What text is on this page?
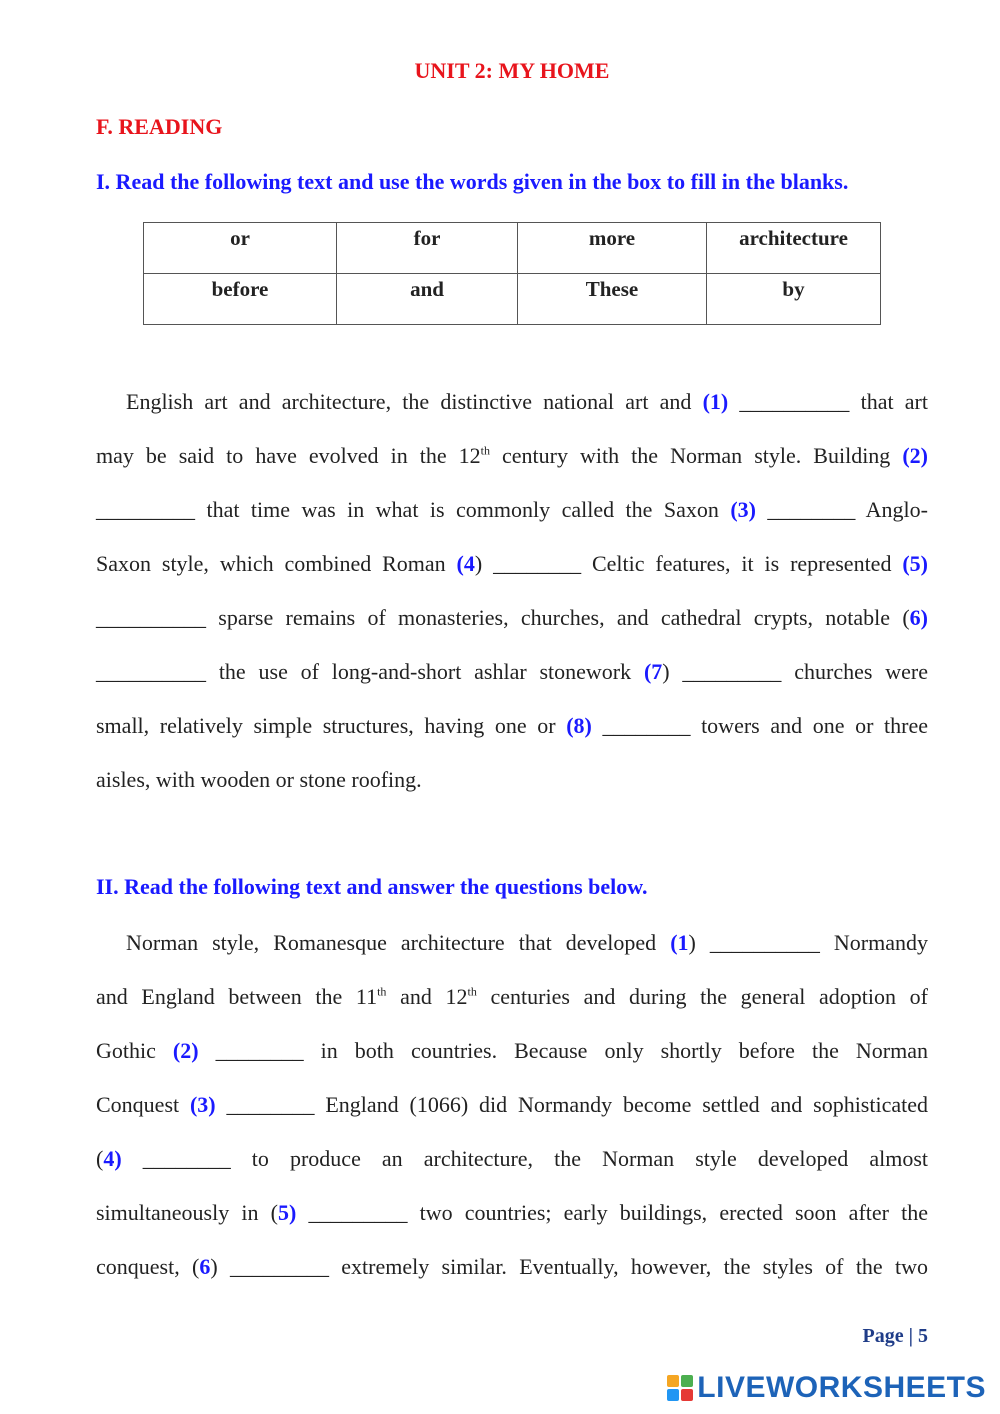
UNIT 2: MY HOME
F. READING
I. Read the following text and use the words given in the box to fill in the blanks.
or	for	more	architecture
before	and	These	by
English art and architecture, the distinctive national art and (1) __________ that art
may be said to have evolved in the 12th century with the Norman style. Building (2)
_________ that time was in what is commonly called the Saxon (3) ________ Anglo-
Saxon style, which combined Roman (4) ________ Celtic features, it is represented (5)
__________ sparse remains of monasteries, churches, and cathedral crypts, notable (6)
__________ the use of long-and-short ashlar stonework (7) _________ churches were
small, relatively simple structures, having one or (8) ________ towers and one or three
aisles, with wooden or stone roofing.
II. Read the following text and answer the questions below.
Norman style, Romanesque architecture that developed (1) __________ Normandy
and England between the 11th and 12th centuries and during the general adoption of
Gothic (2) ________ in both countries. Because only shortly before the Norman
Conquest (3) ________ England (1066) did Normandy become settled and sophisticated
(4) ________ to produce an architecture, the Norman style developed almost
simultaneously in (5) _________ two countries; early buildings, erected soon after the
conquest, (6) _________ extremely similar. Eventually, however, the styles of the two
Page | 5
LIVEWORKSHEETS
